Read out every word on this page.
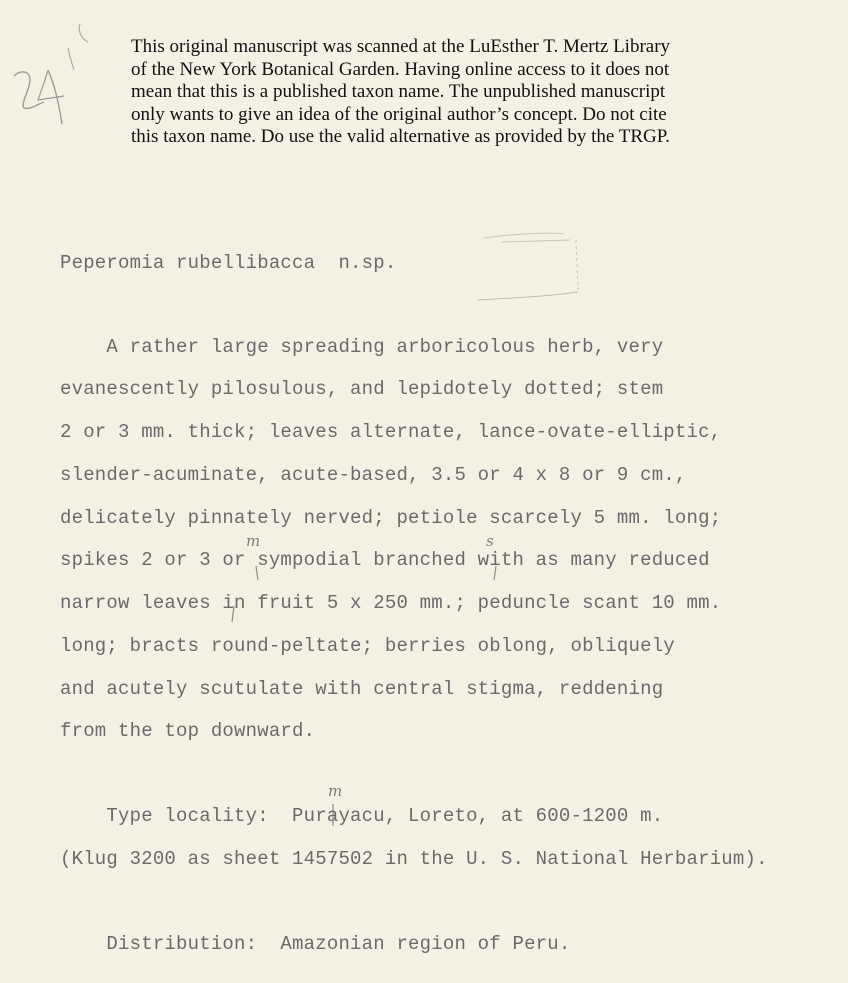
This original manuscript was scanned at the LuEsther T. Mertz Library
of the New York Botanical Garden. Having online access to it does not
mean that this is a published taxon name. The unpublished manuscript
only wants to give an idea of the original author’s concept. Do not cite
this taxon name. Do use the valid alternative as provided by the TRGP.
Peperomia rubellibacca  n.sp.
A rather large spreading arboricolous herb, very
evanescently pilosulous, and lepidotely dotted; stem
2 or 3 mm. thick; leaves alternate, lance-ovate-elliptic,
slender-acuminate, acute-based, 3.5 or 4 x 8 or 9 cm.,
delicately pinnately nerved; petiole scarcely 5 mm. long;
spikes 2 or 3 or sympodial branched with as many reduced
narrow leaves in fruit 5 x 250 mm.; peduncle scant 10 mm.
long; bracts round-peltate; berries oblong, obliquely
and acutely scutulate with central stigma, reddening
from the top downward.
m	s
m
Type locality:  Purayacu, Loreto, at 600-1200 m.
(Klug 3200 as sheet 1457502 in the U. S. National Herbarium).
Distribution:  Amazonian region of Peru.
